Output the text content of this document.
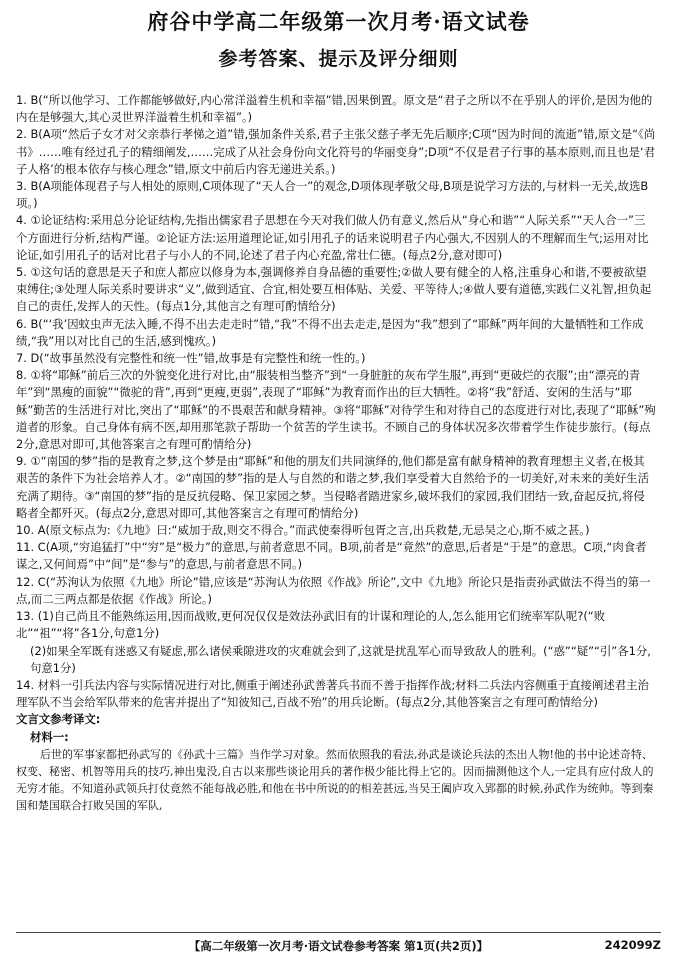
府谷中学高二年级第一次月考·语文试卷
参考答案、提示及评分细则

1. B(“所以他学习、工作都能够做好,内心常洋溢着生机和幸福”错,因果倒置。原文是“君子之所以不在乎别人的评价,是因为他的内在是够强大,其心灵世界洋溢着生机和幸福”。)

2. B(A项“然后子女才对父亲恭行孝悌之道”错,强加条件关系,君子主张父慈子孝无先后顺序;C项“因为时间的流逝”错,原文是“《尚书》……唯有经过孔子的精细阐发,……完成了从社会身份向文化符号的华丽变身”;D项“不仅是君子行事的基本原则,而且也是‘君子人格’的根本依存与核心理念”错,原文中前后内容无递进关系。)

3. B(A项能体现君子与人相处的原则,C项体现了“天人合一”的观念,D项体现孝敬父母,B项是说学习方法的,与材料一无关,故选B项。)

4. ①论证结构:采用总分论证结构,先指出儒家君子思想在今天对我们做人仍有意义,然后从“身心和谐”“人际关系”“天人合一”三个方面进行分析,结构严谨。②论证方法:运用道理论证,如引用孔子的话来说明君子内心强大,不因别人的不理解而生气;运用对比论证,如引用孔子的话对比君子与小人的不同,论述了君子内心充盈,常壮仁德。(每点2分,意对即可)

5. ①这句话的意思是天子和庶人都应以修身为本,强调修养自身品德的重要性;②做人要有健全的人格,注重身心和谐,不要被欲望束缚住;③处理人际关系时要讲求“义”,做到适宜、合宜,相处要互相体贴、关爱、平等待人;④做人要有道德,实践仁义礼智,担负起自己的责任,发挥人的天性。(每点1分,其他言之有理可酌情给分)

6. B(“‘我’因蚊虫声无法入睡,不得不出去走走时”错,“我”不得不出去走走,是因为“我”想到了“耶稣”两年间的大量牺牲和工作成绩,“我”用以对比自己的生活,感到愧疚。)

7. D(“故事虽然没有完整性和统一性”错,故事是有完整性和统一性的。)

8. ①将“耶稣”前后三次的外貌变化进行对比,由“服装相当整齐”到“一身脏脏的灰布学生服”,再到“更破烂的衣服”;由“漂亮的青年”到“黑瘦的面貌”“微驼的背”,再到“更瘦,更弱”,表现了“耶稣”为教育而作出的巨大牺牲。②将“我”舒适、安闲的生活与“耶稣”勤苦的生活进行对比,突出了“耶稣”的不畏艰苦和献身精神。③将“耶稣”对待学生和对待自己的态度进行对比,表现了“耶稣”殉道者的形象。自己身体有病不医,却用那笔款子帮助一个贫苦的学生读书。不顾自己的身体状况多次带着学生作徒步旅行。(每点2分,意思对即可,其他答案言之有理可酌情给分)

9. ①“南国的梦”指的是教育之梦,这个梦是由“耶稣”和他的朋友们共同演绎的,他们都是富有献身精神的教育理想主义者,在极其艰苦的条件下为社会培养人才。②“南国的梦”指的是人与自然的和谐之梦,我们享受着大自然给予的一切美好,对未来的美好生活充满了期待。③“南国的梦”指的是反抗侵略、保卫家园之梦。当侵略者踏进家乡,破坏我们的家园,我们团结一致,奋起反抗,将侵略者全都歼灭。(每点2分,意思对即可,其他答案言之有理可酌情给分)

10. A(原文标点为:《九地》曰:“威加于敌,则交不得合。”而武使秦得听包胥之言,出兵救楚,无忌吴之心,斯不威之甚。)

11. C(A项,“穷追猛打”中“穷”是“极力”的意思,与前者意思不同。B项,前者是“竟然”的意思,后者是“于是”的意思。C项,“肉食者谋之,又何间焉”中“间”是“参与”的意思,与前者意思不同。)

12. C(“苏洵认为依照《九地》所论”错,应该是“苏洵认为依照《作战》所论”,文中《九地》所论只是指责孙武做法不得当的第一点,而二三两点都是依据《作战》所论。)

13. (1)自己尚且不能熟练运用,因而战败,更何况仅仅是效法孙武旧有的计谋和理论的人,怎么能用它们统率军队呢?(“败北”“祖”“将”各1分,句意1分)

(2)如果全军既有迷惑又有疑虑,那么诸侯乘隙进攻的灾难就会到了,这就是扰乱军心而导致敌人的胜利。(“惑”“疑”“引”各1分,句意1分)

14. 材料一引兵法内容与实际情况进行对比,侧重于阐述孙武善著兵书而不善于指挥作战;材料二兵法内容侧重于直接阐述君主治理军队不当会给军队带来的危害并提出了“知彼知己,百战不殆”的用兵论断。(每点2分,其他答案言之有理可酌情给分)

文言文参考译文:

材料一:

后世的军事家都把孙武写的《孙武十三篇》当作学习对象。然而依照我的看法,孙武是谈论兵法的杰出人物!他的书中论述奇特、权变、秘密、机智等用兵的技巧,神出鬼没,自古以来那些谈论用兵的著作极少能比得上它的。因而揣测他这个人,一定具有应付敌人的无穷才能。不知道孙武领兵打仗竟然不能每战必胜,和他在书中所说的的相差甚远,当吴王阖庐攻入郢都的时候,孙武作为统帅。等到秦国和楚国联合打败吴国的军队,

【高二年级第一次月考·语文试卷参考答案 第1页(共2页)】	242099Z
